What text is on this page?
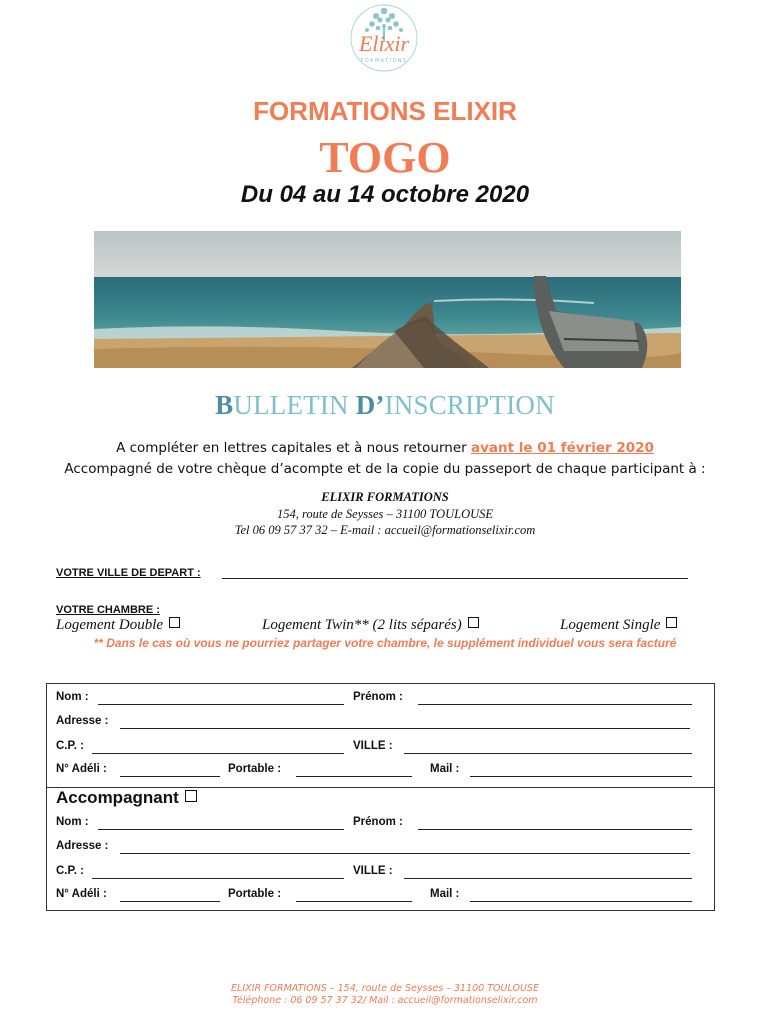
Elixir
FORMATIONS
FORMATIONS ELIXIR
TOGO
Du 04 au 14 octobre 2020
BULLETIN D’INSCRIPTION
A compléter en lettres capitales et à nous retourner avant le 01 février 2020
Accompagné de votre chèque d’acompte et de la copie du passeport de chaque participant à :
ELIXIR FORMATIONS
154, route de Seysses – 31100 TOULOUSE
Tel 06 09 57 37 32 – E-mail : accueil@formationselixir.com
VOTRE VILLE DE DEPART :
VOTRE CHAMBRE :
Logement Double	Logement Twin** (2 lits séparés)	Logement Single
** Dans le cas où vous ne pourriez partager votre chambre, le supplément individuel vous sera facturé
Nom :	Prénom :
Adresse :
C.P. :	VILLE :
N° Adéli :	Portable :	Mail :
Accompagnant
Nom :	Prénom :
Adresse :
C.P. :	VILLE :
N° Adéli :	Portable :	Mail :
ELIXIR FORMATIONS – 154, route de Seysses – 31100 TOULOUSE
Téléphone : 06 09 57 37 32/ Mail : accueil@formationselixir.com
